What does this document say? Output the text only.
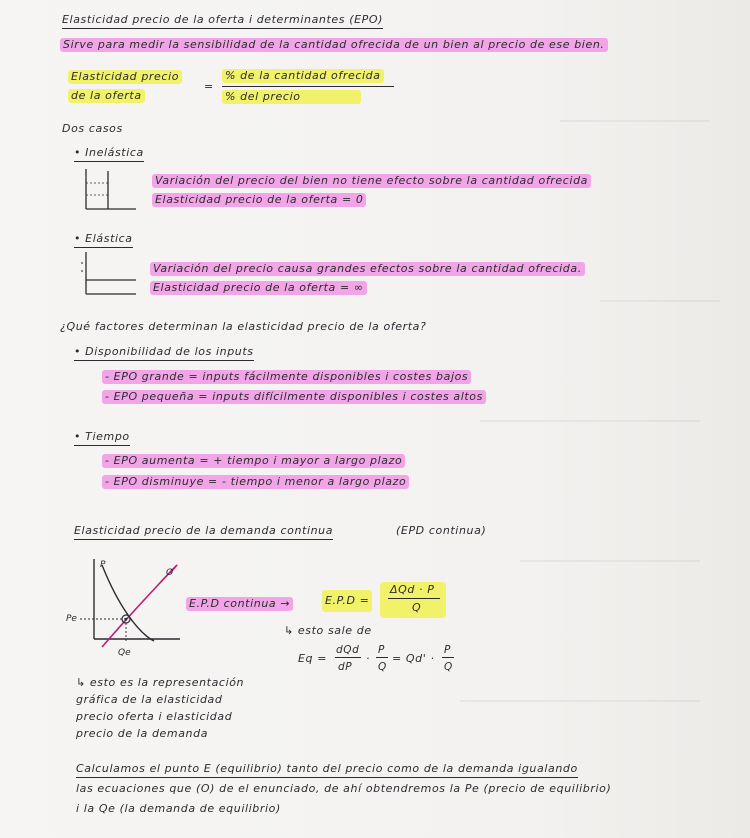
Elasticidad precio de la oferta i determinantes (EPO)
Sirve para medir la sensibilidad de la cantidad ofrecida de un bien al precio de ese bien.
Elasticidad precio
de la oferta
=
% de la cantidad ofrecida
% del precio
Dos casos
• Inelástica
Variación del precio del bien no tiene efecto sobre la cantidad ofrecida
Elasticidad precio de la oferta = 0
• Elástica
Variación del precio causa grandes efectos sobre la cantidad ofrecida.
Elasticidad precio de la oferta = ∞
¿Qué factores determinan la elasticidad precio de la oferta?
• Disponibilidad de los inputs
- EPO grande = inputs fácilmente disponibles i costes bajos
- EPO pequeña = inputs difícilmente disponibles i costes altos
• Tiempo
- EPO aumenta = + tiempo i mayor a largo plazo
- EPO disminuye = - tiempo i menor a largo plazo
Elasticidad precio de la demanda continua	(EPD continua)
P
O
Pe
Qe
E.P.D continua →	E.P.D =
ΔQd · P
Q
↳ esto sale de
Eq =
dQd
dP
·
P
Q
= Qd' ·
P
Q
↳ esto es la representación
gráfica de la elasticidad
precio oferta i elasticidad
precio de la demanda
Calculamos el punto E (equilibrio) tanto del precio como de la demanda igualando
las ecuaciones que (O) de el enunciado, de ahí obtendremos la Pe (precio de equilibrio)
i la Qe (la demanda de equilibrio)
